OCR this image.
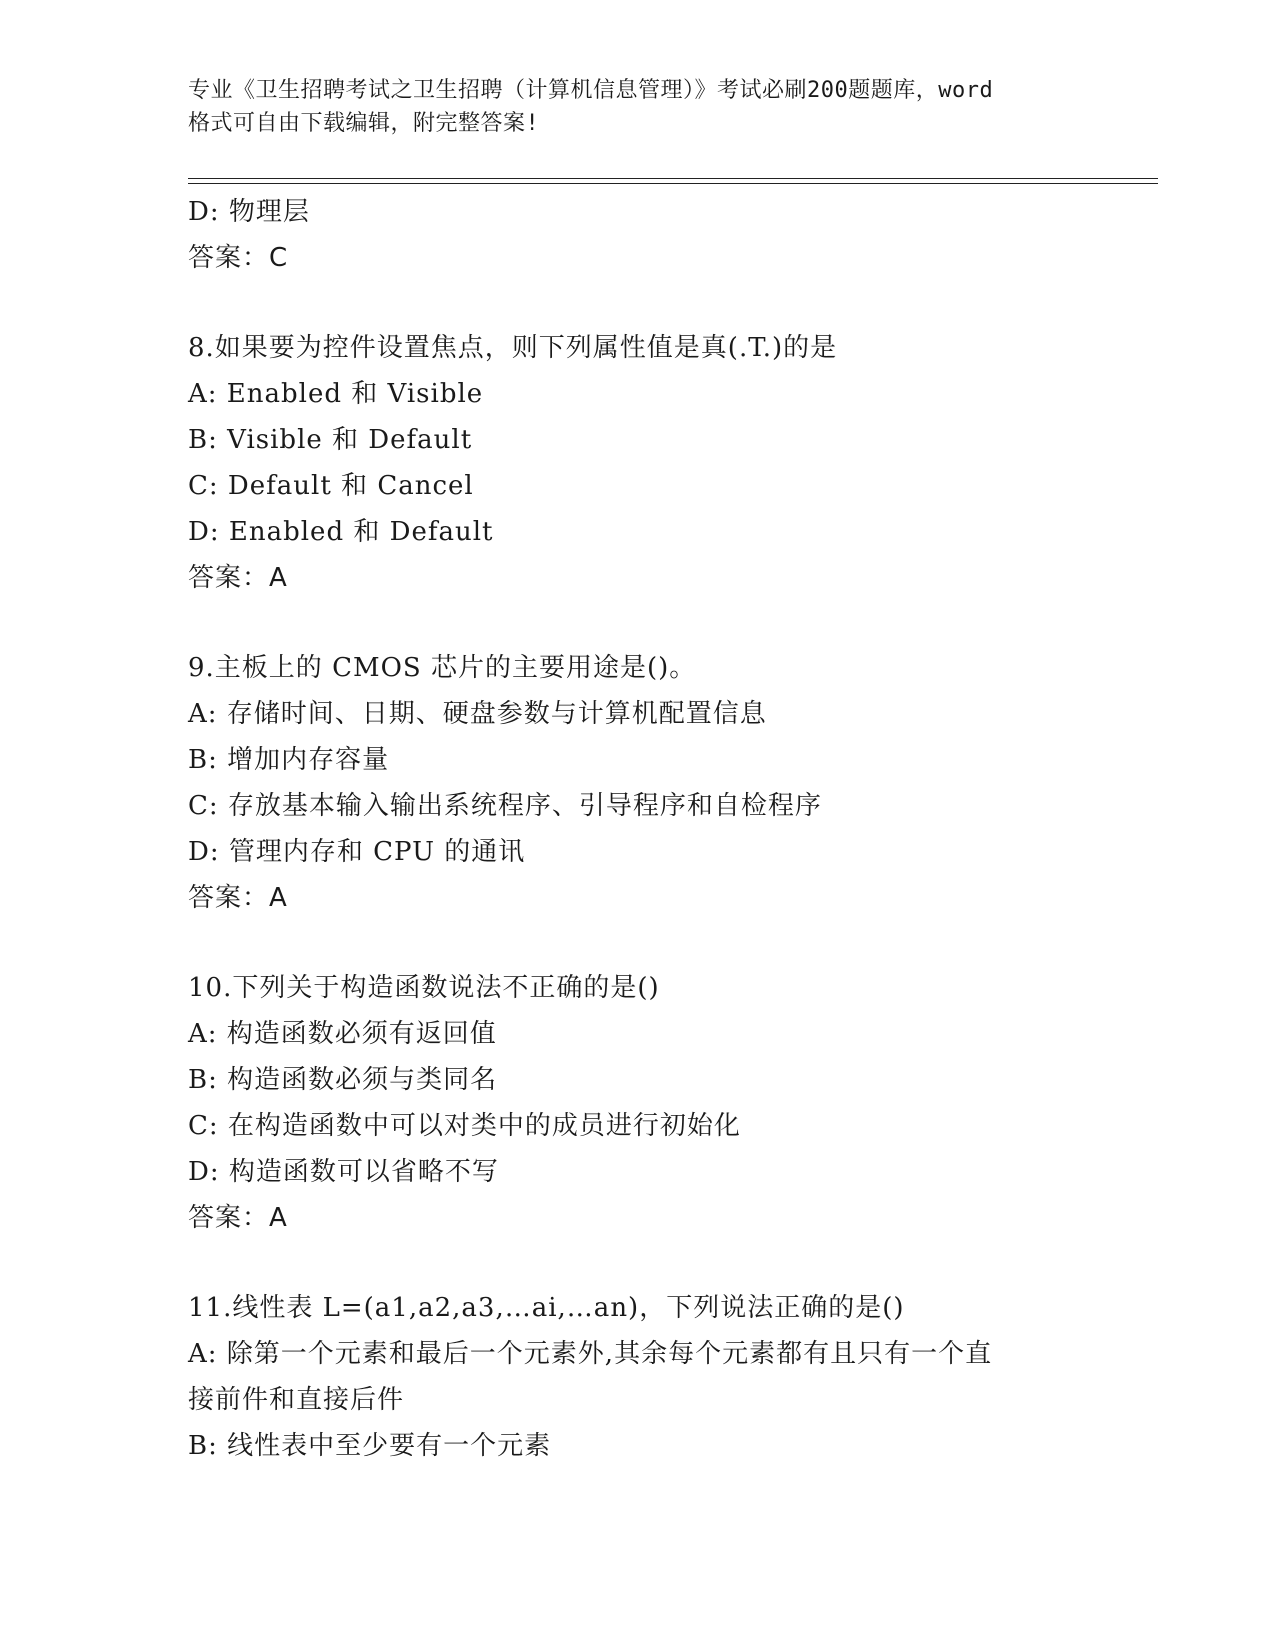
专业《卫生招聘考试之卫生招聘（计算机信息管理）》考试必刷200题题库，word
格式可自由下载编辑，附完整答案!
D: 物理层
答案：C
8.如果要为控件设置焦点，则下列属性值是真(.T.)的是
A: Enabled 和 Visible
B: Visible 和 Default
C: Default 和 Cancel
D: Enabled 和 Default
答案：A
9.主板上的 CMOS 芯片的主要用途是()。
A: 存储时间、日期、硬盘参数与计算机配置信息
B: 增加内存容量
C: 存放基本输入输出系统程序、引导程序和自检程序
D: 管理内存和 CPU 的通讯
答案：A
10.下列关于构造函数说法不正确的是()
A: 构造函数必须有返回值
B: 构造函数必须与类同名
C: 在构造函数中可以对类中的成员进行初始化
D: 构造函数可以省略不写
答案：A
11.线性表 L=(a1,a2,a3,…ai,…an)，下列说法正确的是()
A: 除第一个元素和最后一个元素外,其余每个元素都有且只有一个直
接前件和直接后件
B: 线性表中至少要有一个元素
